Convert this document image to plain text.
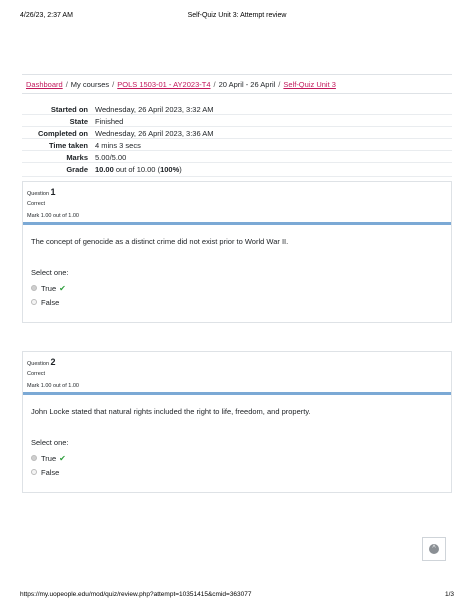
4/26/23, 2:37 AM	Self-Quiz Unit 3: Attempt review
Dashboard / My courses / POLS 1503-01 - AY2023-T4 / 20 April - 26 April / Self-Quiz Unit 3
Started on Wednesday, 26 April 2023, 3:32 AM
State Finished
Completed on Wednesday, 26 April 2023, 3:36 AM
Time taken 4 mins 3 secs
Marks 5.00/5.00
Grade 10.00 out of 10.00 (100%)
Question 1
Correct
Mark 1.00 out of 1.00
The concept of genocide as a distinct crime did not exist prior to World War II.
Select one:
True ✔
False
Question 2
Correct
Mark 1.00 out of 1.00
John Locke stated that natural rights included the right to life, freedom, and property.
Select one:
True ✔
False
^
https://my.uopeople.edu/mod/quiz/review.php?attempt=10351415&cmid=363077	1/3
